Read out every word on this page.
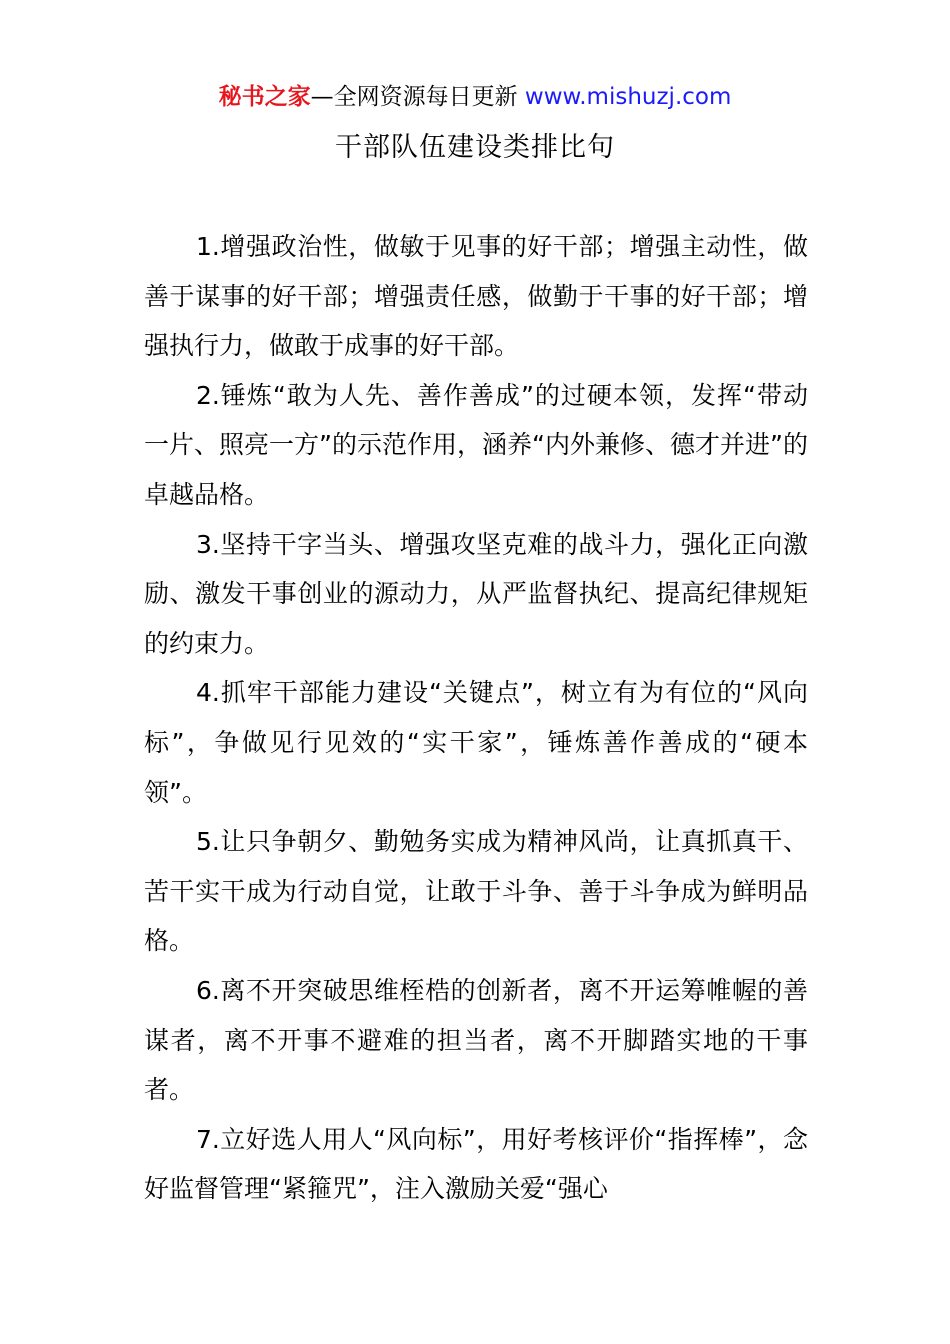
秘书之家—全网资源每日更新 www.mishuzj.com
干部队伍建设类排比句

1.增强政治性，做敏于见事的好干部；增强主动性，做善于谋事的好干部；增强责任感，做勤于干事的好干部；增强执行力，做敢于成事的好干部。

2.锤炼“敢为人先、善作善成”的过硬本领，发挥“带动一片、照亮一方”的示范作用，涵养“内外兼修、德才并进”的卓越品格。

3.坚持干字当头、增强攻坚克难的战斗力，强化正向激励、激发干事创业的源动力，从严监督执纪、提高纪律规矩的约束力。

4.抓牢干部能力建设“关键点”，树立有为有位的“风向标”，争做见行见效的“实干家”，锤炼善作善成的“硬本领”。

5.让只争朝夕、勤勉务实成为精神风尚，让真抓真干、苦干实干成为行动自觉，让敢于斗争、善于斗争成为鲜明品格。

6.离不开突破思维桎梏的创新者，离不开运筹帷幄的善谋者，离不开事不避难的担当者，离不开脚踏实地的干事者。

7.立好选人用人“风向标”，用好考核评价“指挥棒”，念好监督管理“紧箍咒”，注入激励关爱“强心
